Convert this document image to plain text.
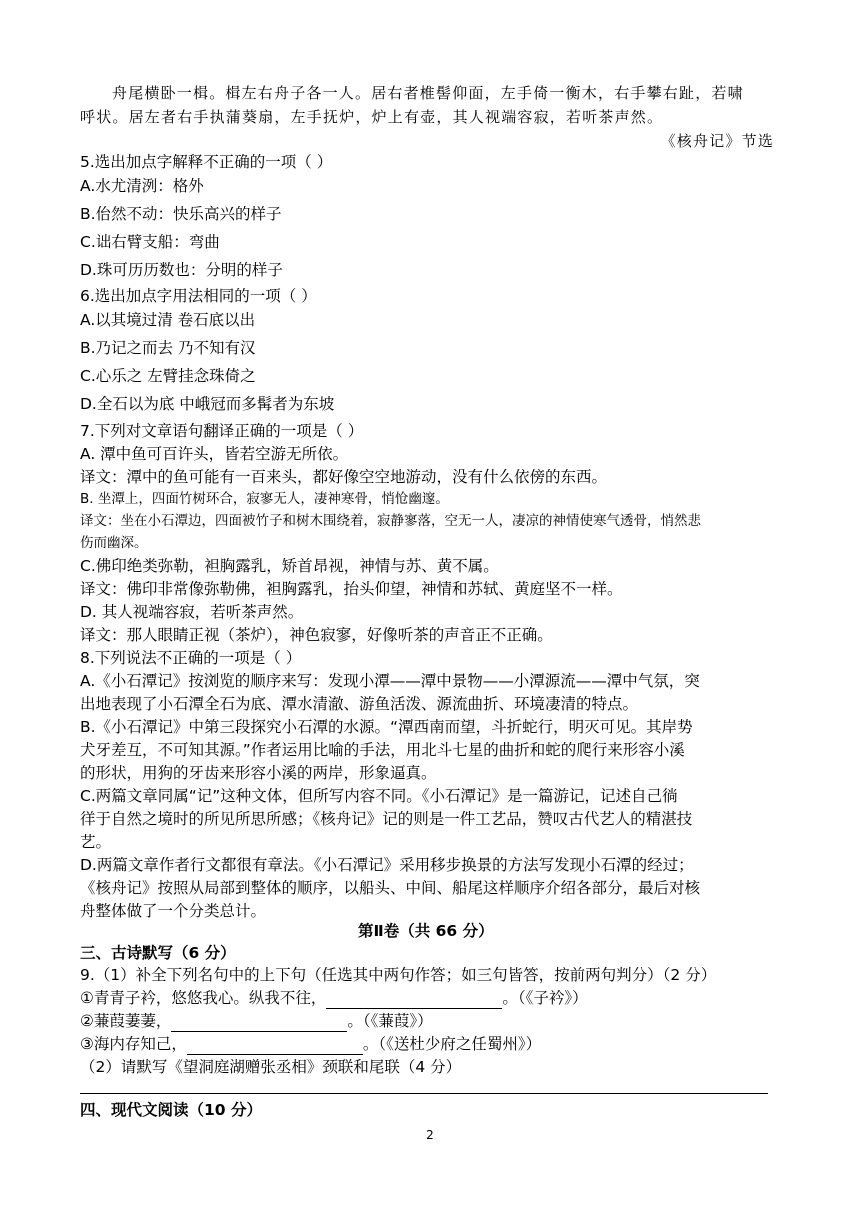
舟尾横卧一楫。楫左右舟子各一人。居右者椎髻仰面，左手倚一衡木，右手攀右趾，若啸
呼状。居左者右手执蒲葵扇，左手抚炉，炉上有壶，其人视端容寂，若听茶声然。
《核舟记》节选
5.选出加点字解释不正确的一项（ ）
A.水尤清洌：格外
B.佁然不动：快乐高兴的样子
C.诎右臂支船：弯曲
D.珠可历历数也：分明的样子
6.选出加点字用法相同的一项（ ）
A.以其境过清 卷石底以出
B.乃记之而去 乃不知有汉
C.心乐之 左臂挂念珠倚之
D.全石以为底 中峨冠而多髯者为东坡
7.下列对文章语句翻译正确的一项是（ ）
A. 潭中鱼可百许头，皆若空游无所依。
译文：潭中的鱼可能有一百来头，都好像空空地游动，没有什么依傍的东西。
B. 坐潭上，四面竹树环合，寂寥无人，凄神寒骨，悄怆幽邃。
译文：坐在小石潭边，四面被竹子和树木围绕着，寂静寥落，空无一人，凄凉的神情使寒气透骨，悄然悲
伤而幽深。
C.佛印绝类弥勒，袒胸露乳，矫首昂视，神情与苏、黄不属。
译文：佛印非常像弥勒佛，袒胸露乳，抬头仰望，神情和苏轼、黄庭坚不一样。
D. 其人视端容寂，若听茶声然。
译文：那人眼睛正视（茶炉），神色寂寥，好像听茶的声音正不正确。
8.下列说法不正确的一项是（ ）
A.《小石潭记》按浏览的顺序来写：发现小潭——潭中景物——小潭源流——潭中气氛，突
出地表现了小石潭全石为底、潭水清澈、游鱼活泼、源流曲折、环境凄清的特点。
B.《小石潭记》中第三段探究小石潭的水源。“潭西南而望，斗折蛇行，明灭可见。其岸势
犬牙差互，不可知其源。”作者运用比喻的手法，用北斗七星的曲折和蛇的爬行来形容小溪
的形状，用狗的牙齿来形容小溪的两岸，形象逼真。
C.两篇文章同属“记”这种文体，但所写内容不同。《小石潭记》是一篇游记，记述自己徜
徉于自然之境时的所见所思所感；《核舟记》记的则是一件工艺品，赞叹古代艺人的精湛技
艺。
D.两篇文章作者行文都很有章法。《小石潭记》采用移步换景的方法写发现小石潭的经过；
《核舟记》按照从局部到整体的顺序，以船头、中间、船尾这样顺序介绍各部分，最后对核
舟整体做了一个分类总计。
第Ⅱ卷（共 66 分）
三、古诗默写（6 分）
9.（1）补全下列名句中的上下句（任选其中两句作答；如三句皆答，按前两句判分）（2 分）
①青青子衿，悠悠我心。纵我不往，	。（《子衿》）
②蒹葭萋萋，	。（《蒹葭》）
③海内存知己，	。（《送杜少府之任蜀州》）
（2）请默写《望洞庭湖赠张丞相》颈联和尾联（4 分）
四、现代文阅读（10 分）
2
